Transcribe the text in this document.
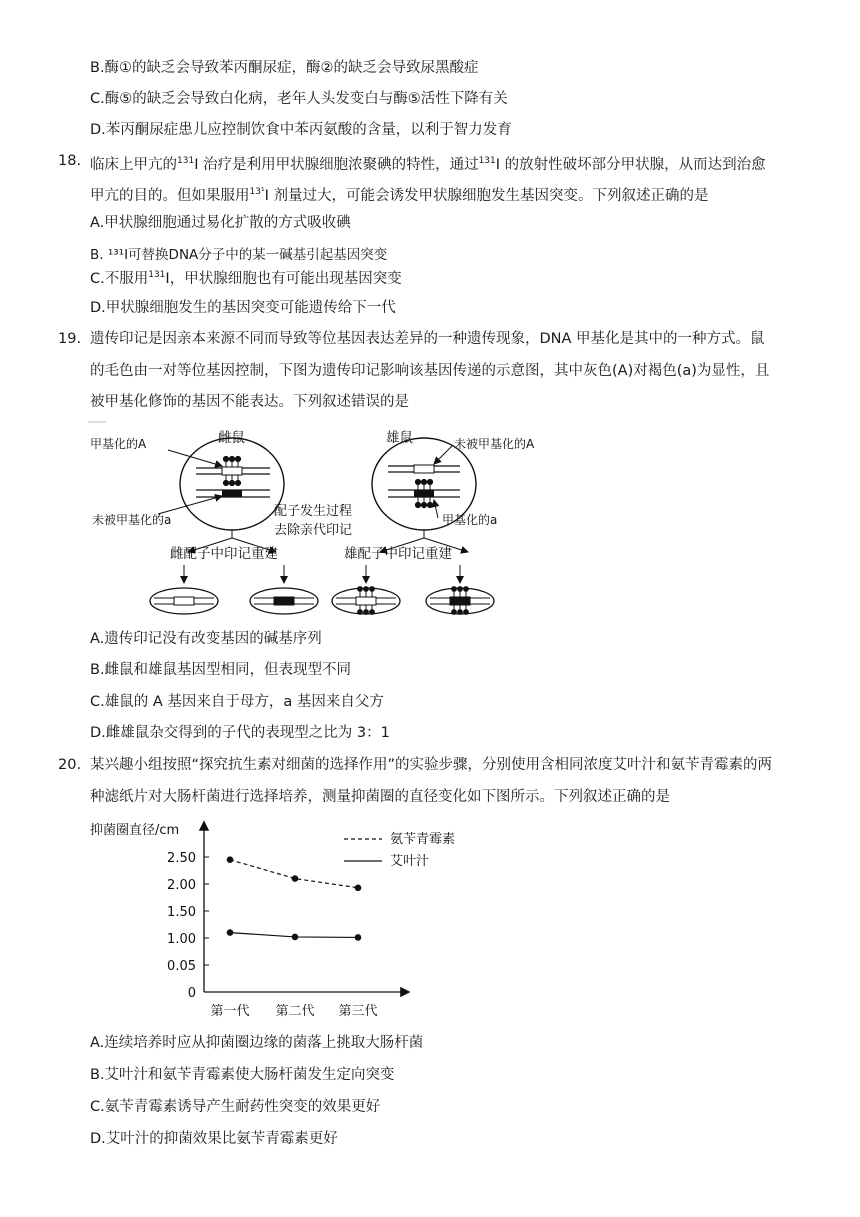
B.酶①的缺乏会导致苯丙酮尿症，酶②的缺乏会导致尿黑酸症
C.酶⑤的缺乏会导致白化病，老年人头发变白与酶⑤活性下降有关
D.苯丙酮尿症患儿应控制饮食中苯丙氨酸的含量，以利于智力发育
18. 临床上甲亢的$^{131}$I 治疗是利用甲状腺细胞浓聚碘的特性，通过$^{131}$I 的放射性破坏部分甲状腺，从而达到治愈
甲亢的目的。但如果服用$^{13^1}$I 剂量过大，可能会诱发甲状腺细胞发生基因突变。下列叙述正确的是
A.甲状腺细胞通过易化扩散的方式吸收碘
B. ¹³¹I可替换DNA分子中的某一碱基引起基因突变
C.不服用$^{131}$I，甲状腺细胞也有可能出现基因突变
D.甲状腺细胞发生的基因突变可能遗传给下一代
19. 遗传印记是因亲本来源不同而导致等位基因表达差异的一种遗传现象，DNA 甲基化是其中的一种方式。鼠
的毛色由一对等位基因控制，下图为遗传印记影响该基因传递的示意图，其中灰色(A)对褐色(a)为显性，且
被甲基化修饰的基因不能表达。下列叙述错误的是
雌鼠
甲基化的A
未被甲基化的a
雄鼠	未被甲基化的A
甲基化的a
配子发生过程
去除亲代印记
雌配子中印记重建	雄配子中印记重建
A.遗传印记没有改变基因的碱基序列
B.雌鼠和雄鼠基因型相同，但表现型不同
C.雄鼠的 A 基因来自于母方，a 基因来自父方
D.雌雄鼠杂交得到的子代的表现型之比为 3：1
20. 某兴趣小组按照“探究抗生素对细菌的选择作用”的实验步骤，分别使用含相同浓度艾叶汁和氨苄青霉素的两
种滤纸片对大肠杆菌进行选择培养，测量抑菌圈的直径变化如下图所示。下列叙述正确的是
抑菌圈直径/cm
0
0.05
1.00
1.50
2.00
2.50
第一代 第二代 第三代
氨苄青霉素
艾叶汁
A.连续培养时应从抑菌圈边缘的菌落上挑取大肠杆菌
B.艾叶汁和氨苄青霉素使大肠杆菌发生定向突变
C.氨苄青霉素诱导产生耐药性突变的效果更好
D.艾叶汁的抑菌效果比氨苄青霉素更好
